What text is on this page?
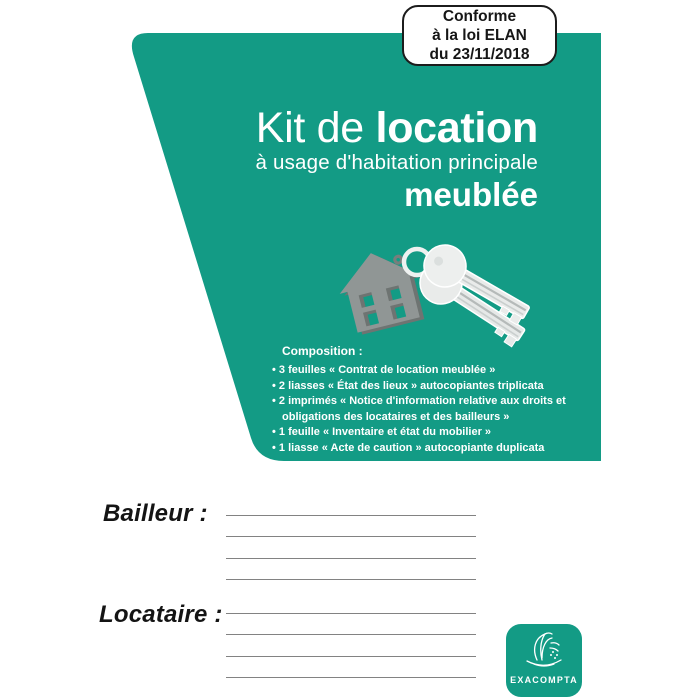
Conforme
à la loi ELAN
du 23/11/2018
Kit de location
à usage d'habitation principale
meublée
Composition :
• 3 feuilles « Contrat de location meublée »
• 2 liasses « État des lieux » autocopiantes triplicata
• 2 imprimés « Notice d'information relative aux droits et obligations des locataires et des bailleurs »
• 1 feuille « Inventaire et état du mobilier »
• 1 liasse « Acte de caution » autocopiante duplicata
Bailleur :
Locataire :
EXACOMPTA
